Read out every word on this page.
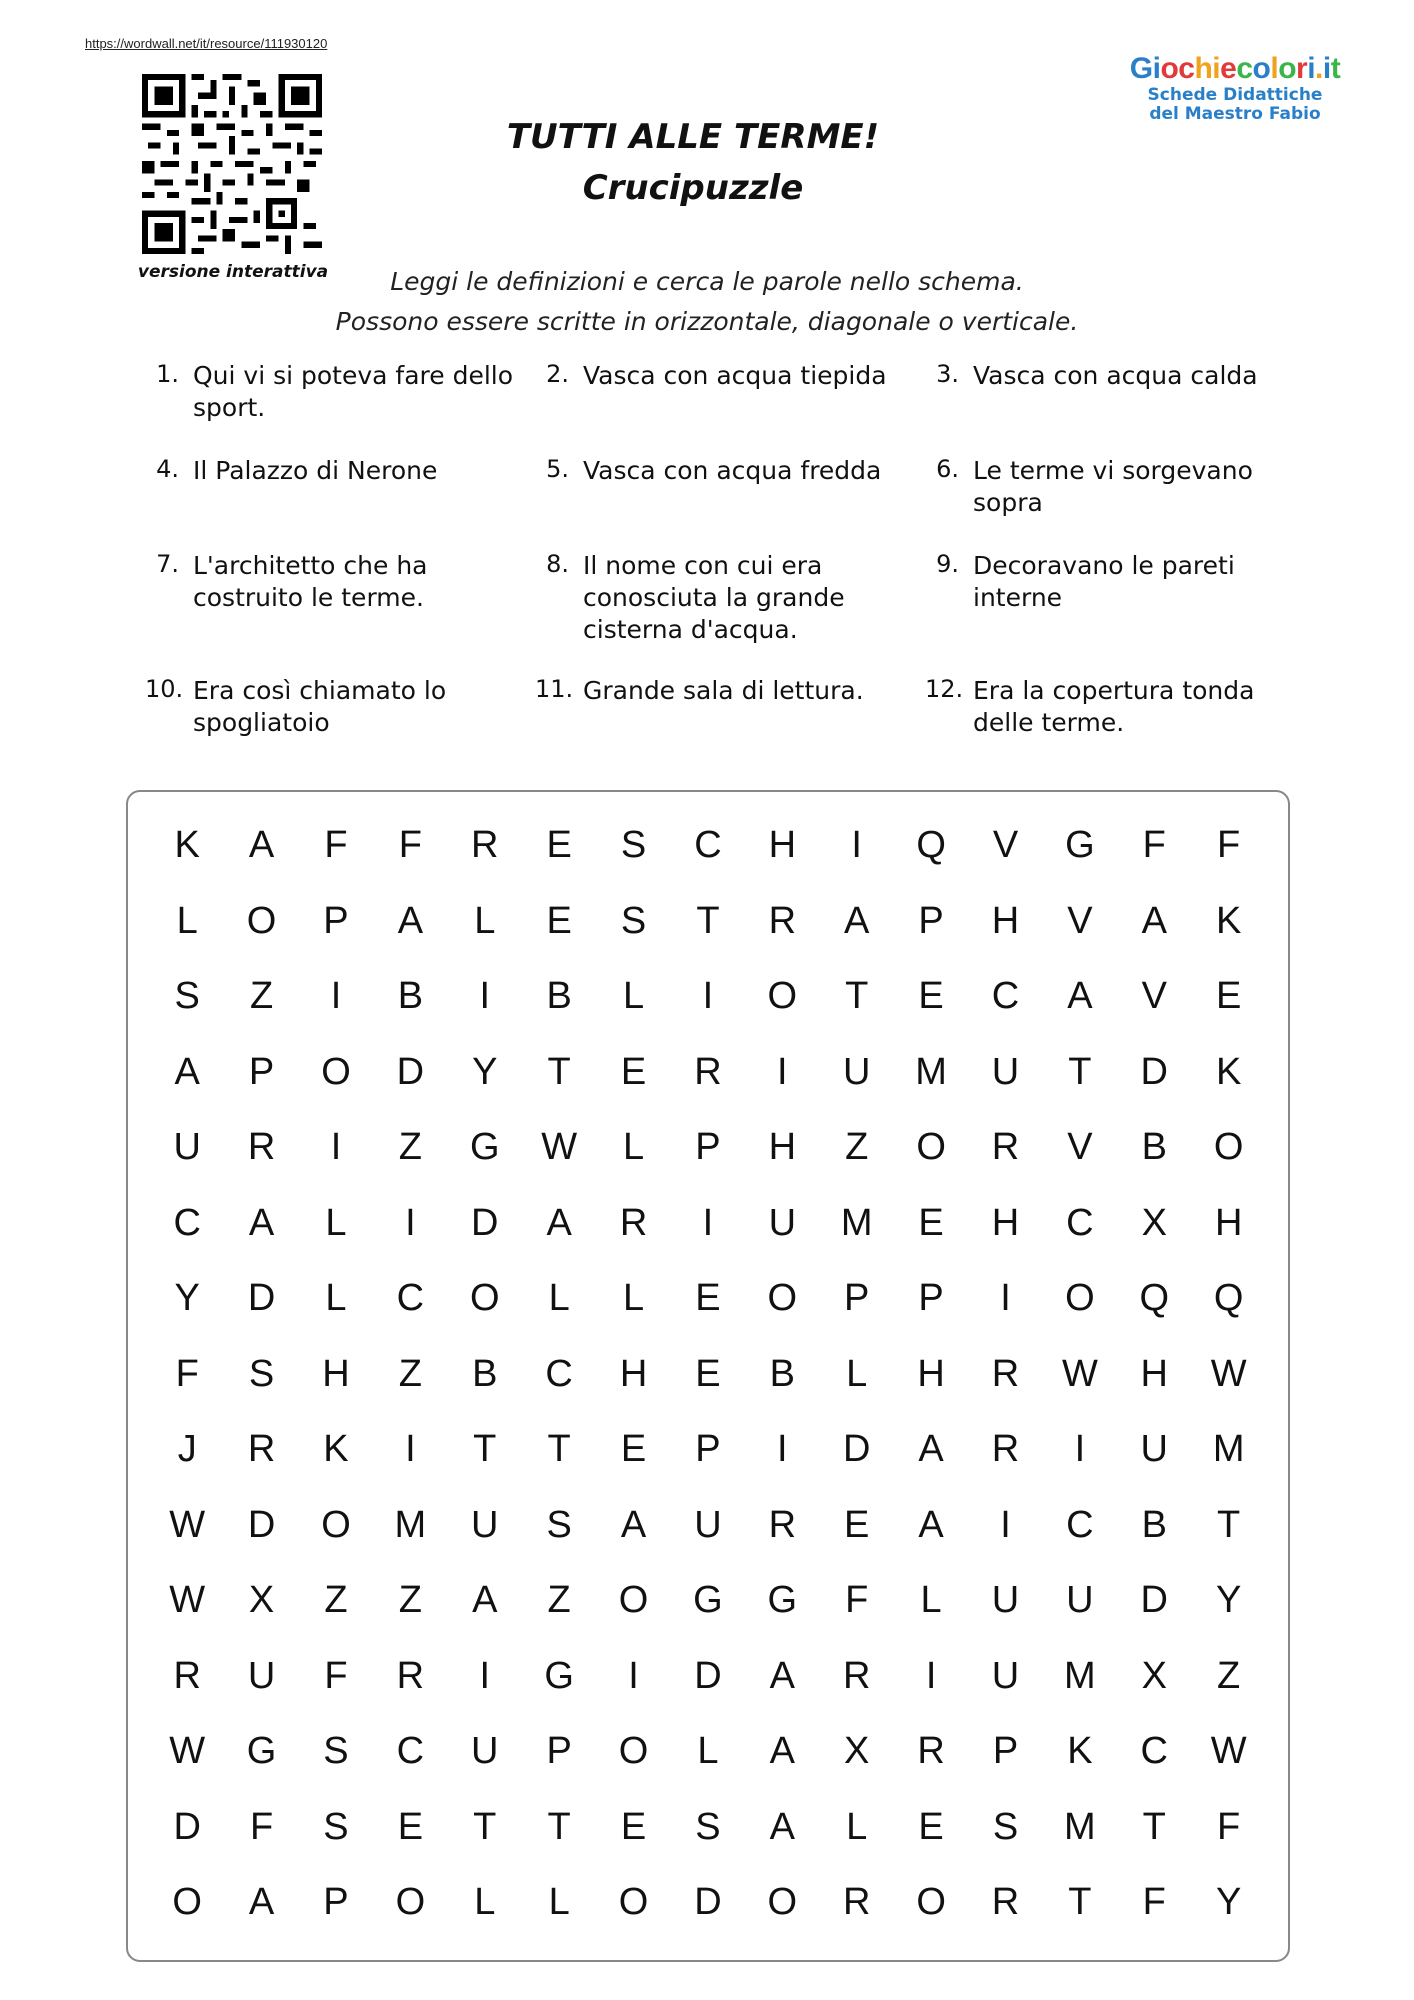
https://wordwall.net/it/resource/111930120
versione interattiva
Giochiecolori.it
Schede Didattiche
del Maestro Fabio
TUTTI ALLE TERME!
Crucipuzzle
Leggi le definizioni e cerca le parole nello schema.
Possono essere scritte in orizzontale, diagonale o verticale.
1. Qui vi si poteva fare dello sport.
2. Vasca con acqua tiepida	3. Vasca con acqua calda
4. Il Palazzo di Nerone	5. Vasca con acqua fredda	6. Le terme vi sorgevano sopra
7. L'architetto che ha costruito le terme.
8. Il nome con cui era conosciuta la grande cisterna d'acqua.
9. Decoravano le pareti interne
10. Era così chiamato lo spogliatoio
11. Grande sala di lettura.	12. Era la copertura tonda delle terme.
K	A	F	F	R	E	S	C	H	I	Q	V	G	F	F
L	O	P	A	L	E	S	T	R	A	P	H	V	A	K
S	Z	I	B	I	B	L	I	O	T	E	C	A	V	E
A	P	O	D	Y	T	E	R	I	U	M	U	T	D	K
U	R	I	Z	G	W	L	P	H	Z	O	R	V	B	O
C	A	L	I	D	A	R	I	U	M	E	H	C	X	H
Y	D	L	C	O	L	L	E	O	P	P	I	O	Q	Q
F	S	H	Z	B	C	H	E	B	L	H	R	W	H	W
J	R	K	I	T	T	E	P	I	D	A	R	I	U	M
W	D	O	M	U	S	A	U	R	E	A	I	C	B	T
W	X	Z	Z	A	Z	O	G	G	F	L	U	U	D	Y
R	U	F	R	I	G	I	D	A	R	I	U	M	X	Z
W	G	S	C	U	P	O	L	A	X	R	P	K	C	W
D	F	S	E	T	T	E	S	A	L	E	S	M	T	F
O	A	P	O	L	L	O	D	O	R	O	R	T	F	Y
